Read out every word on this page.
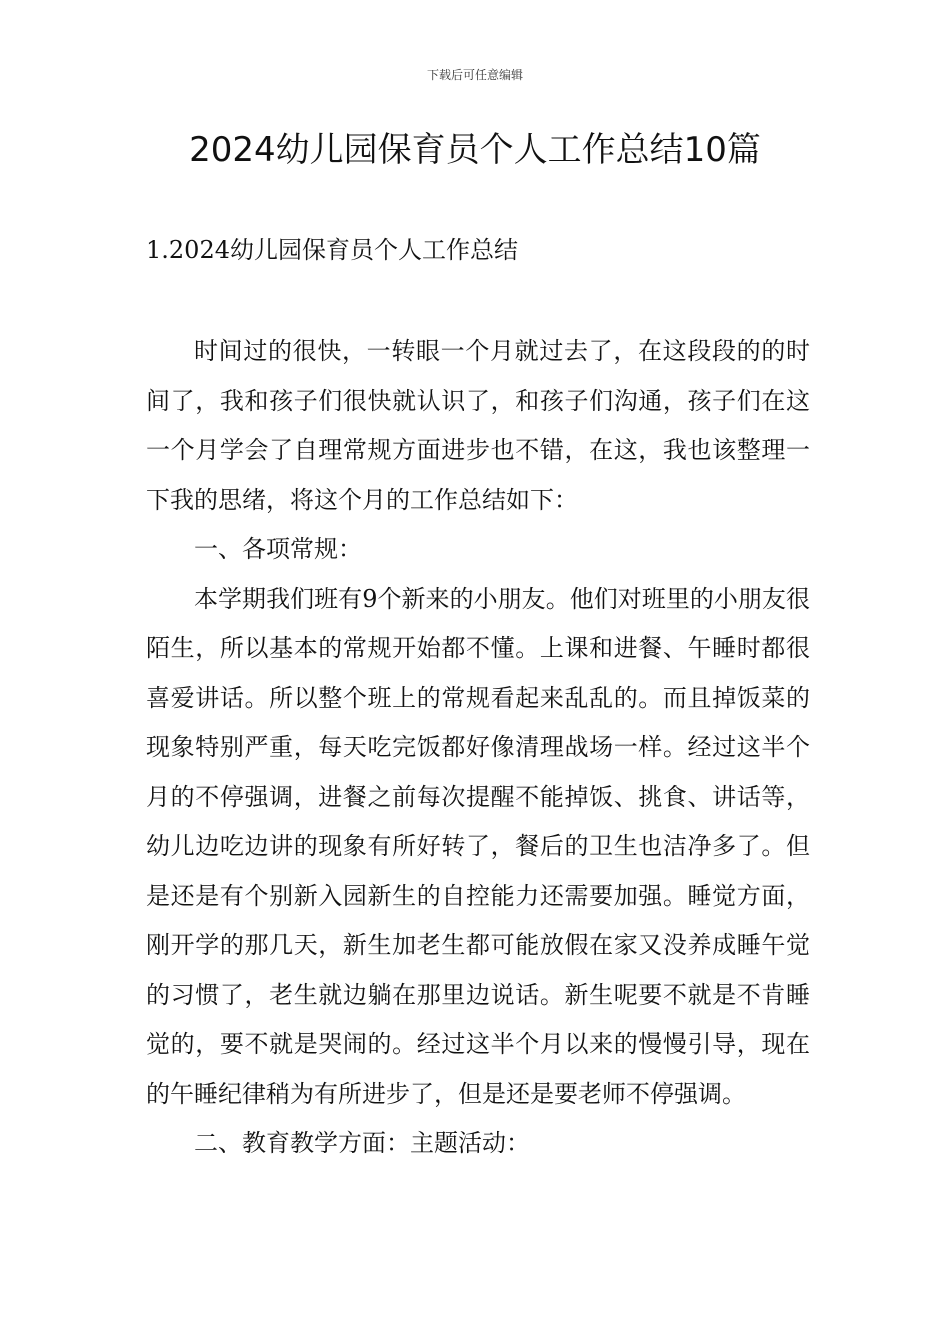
下载后可任意编辑
2024幼儿园保育员个人工作总结10篇
1.2024幼儿园保育员个人工作总结

时间过的很快，一转眼一个月就过去了，在这段段的的时间了，我和孩子们很快就认识了，和孩子们沟通，孩子们在这一个月学会了自理常规方面进步也不错，在这，我也该整理一下我的思绪，将这个月的工作总结如下：

一、各项常规：

本学期我们班有9个新来的小朋友。他们对班里的小朋友很陌生，所以基本的常规开始都不懂。上课和进餐、午睡时都很喜爱讲话。所以整个班上的常规看起来乱乱的。而且掉饭菜的现象特别严重，每天吃完饭都好像清理战场一样。经过这半个月的不停强调，进餐之前每次提醒不能掉饭、挑食、讲话等，幼儿边吃边讲的现象有所好转了，餐后的卫生也洁净多了。但是还是有个别新入园新生的自控能力还需要加强。睡觉方面，刚开学的那几天，新生加老生都可能放假在家又没养成睡午觉的习惯了，老生就边躺在那里边说话。新生呢要不就是不肯睡觉的，要不就是哭闹的。经过这半个月以来的慢慢引导，现在的午睡纪律稍为有所进步了，但是还是要老师不停强调。

二、教育教学方面：主题活动：
